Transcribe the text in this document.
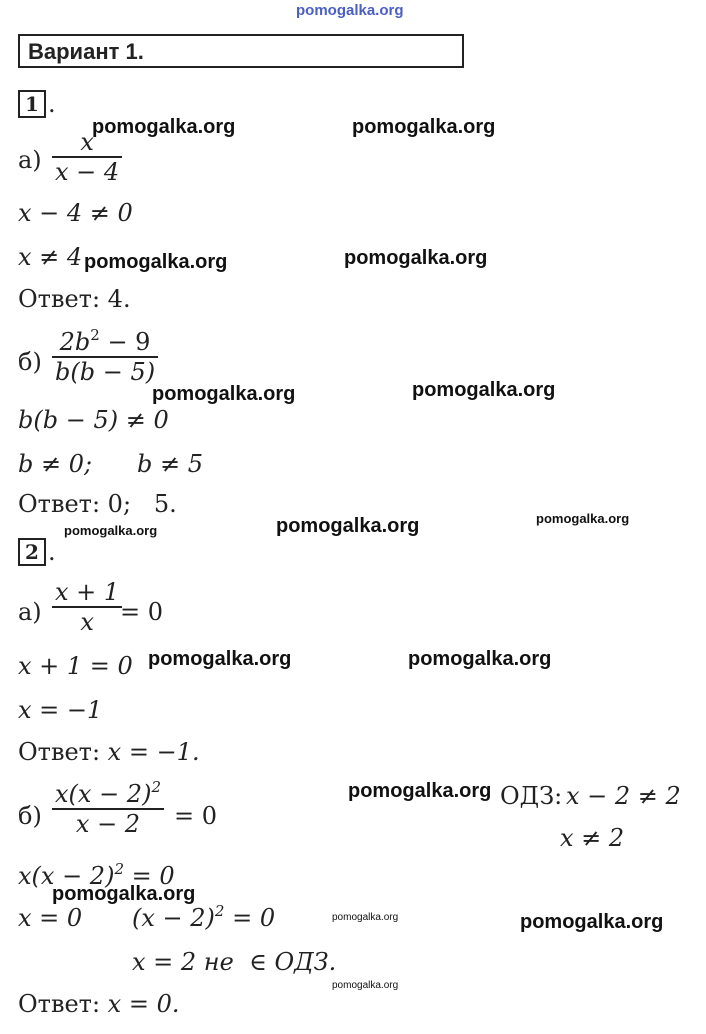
pomogalka.org
Вариант 1.
1 .
$а) \frac{x}{x - 4}$
x − 4 ≠ 0
x ≠ 4
Ответ: 4.
$б) \frac{2b^2 - 9}{b(b - 5)}$
b(b − 5) ≠ 0
b ≠ 0; b ≠ 5
Ответ: 0;   5.
2 .
$а) \frac{x + 1}{x}$
= 0
x + 1 = 0
x = −1
Ответ: x = −1.
$б) \frac{x(x - 2)^2}{x - 2} = 0$
ОДЗ: x − 2 ≠ 2
x ≠ 2
$x(x - 2)^2 = 0$
x = 0 $(x - 2)^2 = 0$
x = 2 не  ∈ ОДЗ.
Ответ: x = 0.
pomogalka.org	pomogalka.org
pomogalka.org	pomogalka.org
pomogalka.org	pomogalka.org
pomogalka.org	pomogalka.org	pomogalka.org
pomogalka.org	pomogalka.org
pomogalka.org
pomogalka.org
pomogalka.org	pomogalka.org
pomogalka.org
